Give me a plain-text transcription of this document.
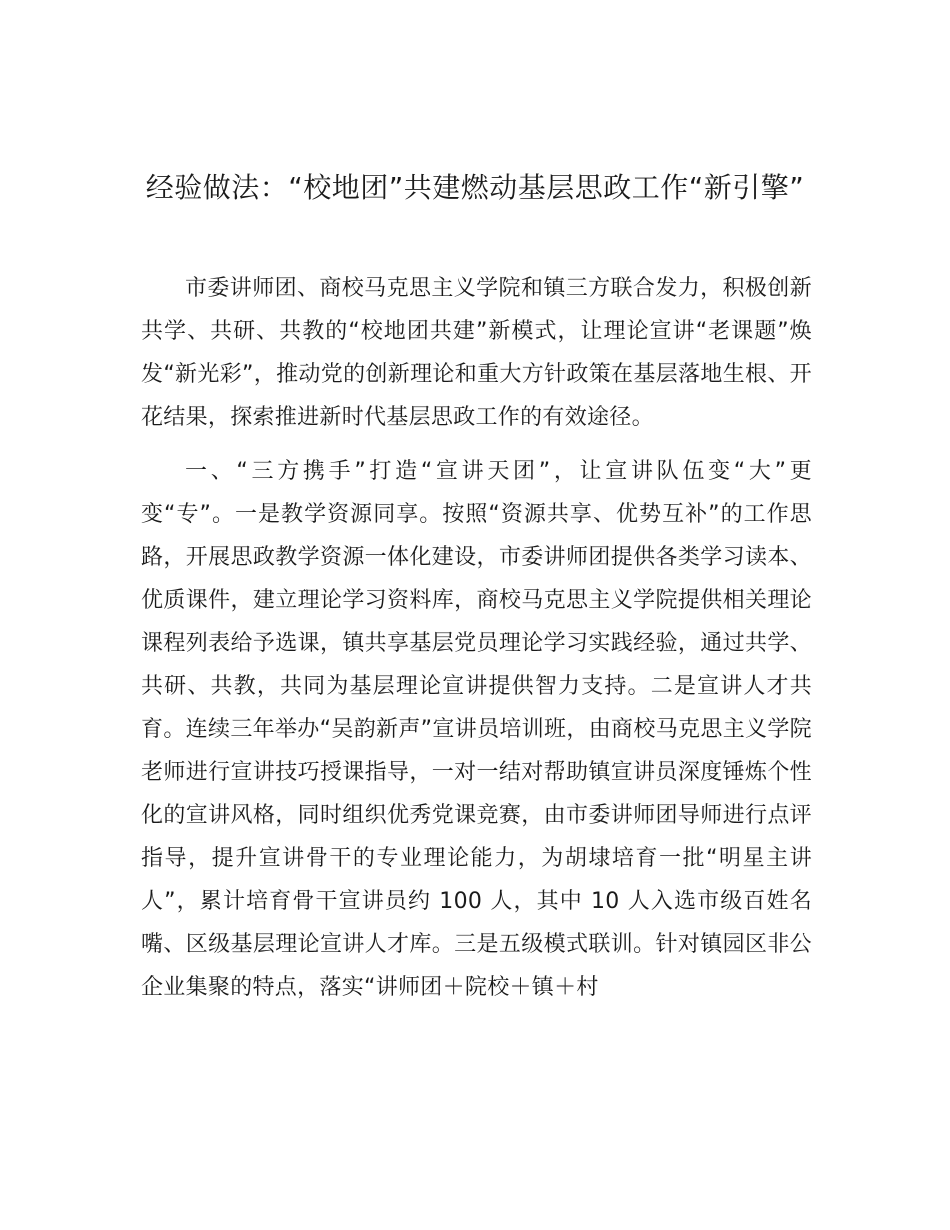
经验做法：“校地团”共建燃动基层思政工作“新引擎”

市委讲师团、商校马克思主义学院和镇三方联合发力，积极创新共学、共研、共教的“校地团共建”新模式，让理论宣讲“老课题”焕发“新光彩”，推动党的创新理论和重大方针政策在基层落地生根、开花结果，探索推进新时代基层思政工作的有效途径。

一、“三方携手”打造“宣讲天团”，让宣讲队伍变“大”更变“专”。一是教学资源同享。按照“资源共享、优势互补”的工作思路，开展思政教学资源一体化建设，市委讲师团提供各类学习读本、优质课件，建立理论学习资料库，商校马克思主义学院提供相关理论课程列表给予选课，镇共享基层党员理论学习实践经验，通过共学、共研、共教，共同为基层理论宣讲提供智力支持。二是宣讲人才共育。连续三年举办“吴韵新声”宣讲员培训班，由商校马克思主义学院老师进行宣讲技巧授课指导，一对一结对帮助镇宣讲员深度锤炼个性化的宣讲风格，同时组织优秀党课竞赛，由市委讲师团导师进行点评指导，提升宣讲骨干的专业理论能力，为胡埭培育一批“明星主讲人”，累计培育骨干宣讲员约 100 人，其中 10 人入选市级百姓名嘴、区级基层理论宣讲人才库。三是五级模式联训。针对镇园区非公企业集聚的特点，落实“讲师团＋院校＋镇＋村
